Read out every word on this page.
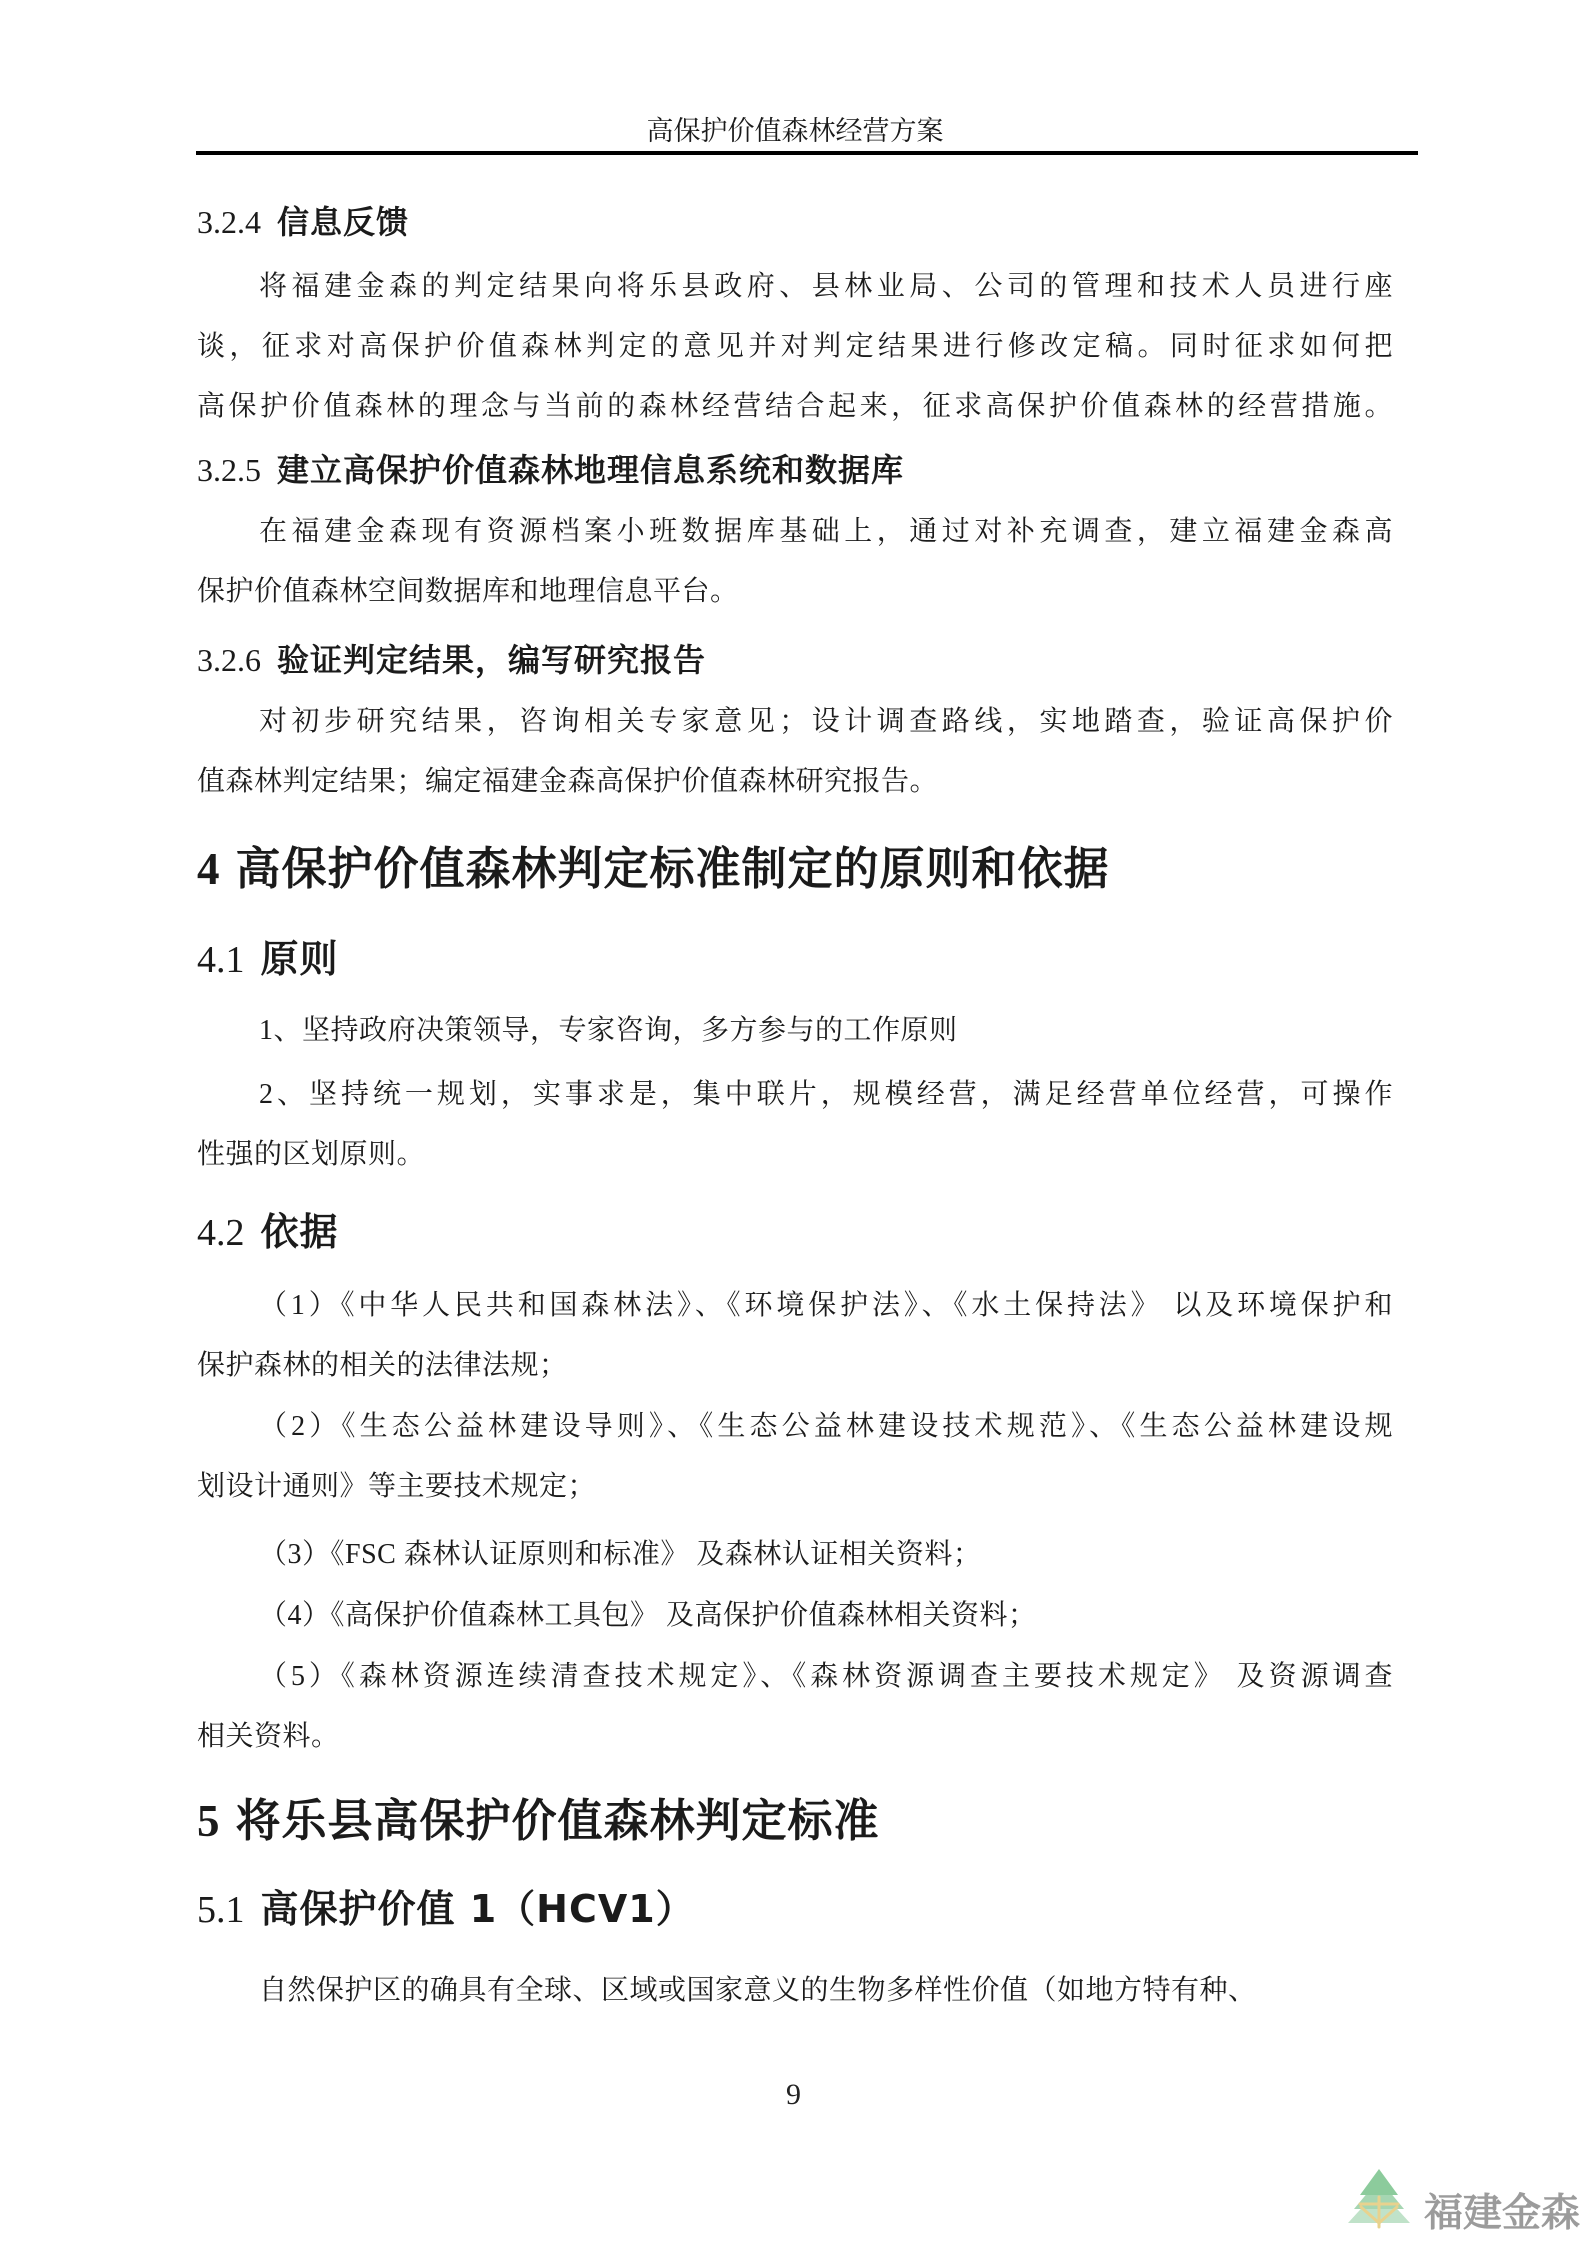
高保护价值森林经营方案
3.2.4 信息反馈
将福建金森的判定结果向将乐县政府、县林业局、公司的管理和技术人员进行座
谈，征求对高保护价值森林判定的意见并对判定结果进行修改定稿。同时征求如何把
高保护价值森林的理念与当前的森林经营结合起来，征求高保护价值森林的经营措施。
3.2.5 建立高保护价值森林地理信息系统和数据库
在福建金森现有资源档案小班数据库基础上，通过对补充调查，建立福建金森高
保护价值森林空间数据库和地理信息平台。
3.2.6 验证判定结果，编写研究报告
对初步研究结果，咨询相关专家意见；设计调查路线，实地踏查，验证高保护价
值森林判定结果；编定福建金森高保护价值森林研究报告。
4 高保护价值森林判定标准制定的原则和依据
4.1 原则
1、坚持政府决策领导，专家咨询，多方参与的工作原则
2、坚持统一规划，实事求是，集中联片，规模经营，满足经营单位经营，可操作
性强的区划原则。
4.2 依据
（1）《中华人民共和国森林法》、《环境保护法》、《水土保持法》 以及环境保护和
保护森林的相关的法律法规；
（2）《生态公益林建设导则》、《生态公益林建设技术规范》、《生态公益林建设规
划设计通则》等主要技术规定；
（3）《FSC 森林认证原则和标准》 及森林认证相关资料；
（4）《高保护价值森林工具包》 及高保护价值森林相关资料；
（5）《森林资源连续清查技术规定》、《森林资源调查主要技术规定》 及资源调查
相关资料。
5 将乐县高保护价值森林判定标准
5.1 高保护价值 1（HCV1）
自然保护区的确具有全球、区域或国家意义的生物多样性价值（如地方特有种、
9
福建金森
